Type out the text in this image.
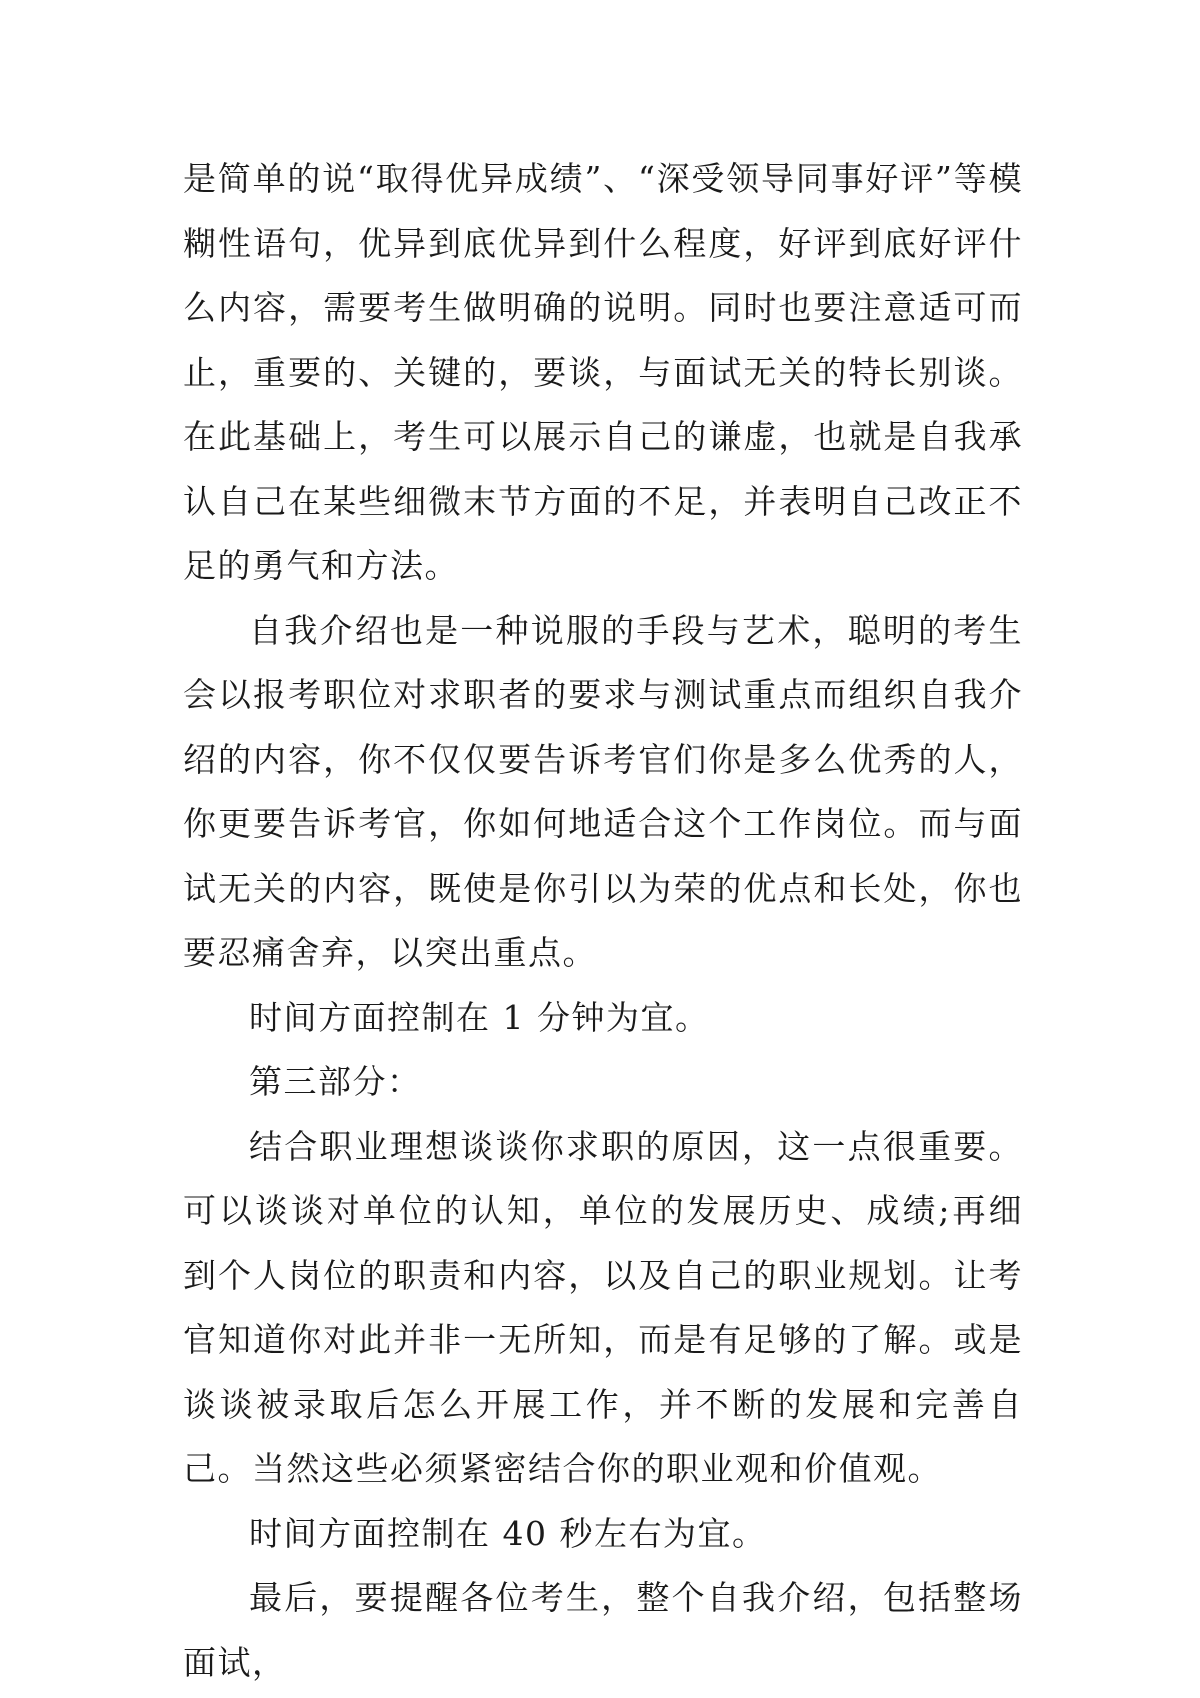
是简单的说“取得优异成绩”、“深受领导同事好评”等模糊性语句，优异到底优异到什么程度，好评到底好评什么内容，需要考生做明确的说明。同时也要注意适可而止，重要的、关键的，要谈，与面试无关的特长别谈。在此基础上，考生可以展示自己的谦虚，也就是自我承认自己在某些细微末节方面的不足，并表明自己改正不足的勇气和方法。

自我介绍也是一种说服的手段与艺术，聪明的考生会以报考职位对求职者的要求与测试重点而组织自我介绍的内容，你不仅仅要告诉考官们你是多么优秀的人，你更要告诉考官，你如何地适合这个工作岗位。而与面试无关的内容，既使是你引以为荣的优点和长处，你也要忍痛舍弃，以突出重点。

时间方面控制在 1 分钟为宜。

第三部分：

结合职业理想谈谈你求职的原因，这一点很重要。可以谈谈对单位的认知，单位的发展历史、成绩;再细到个人岗位的职责和内容，以及自己的职业规划。让考官知道你对此并非一无所知，而是有足够的了解。或是谈谈被录取后怎么开展工作，并不断的发展和完善自己。当然这些必须紧密结合你的职业观和价值观。

时间方面控制在 40 秒左右为宜。

最后，要提醒各位考生，整个自我介绍，包括整场面试，
